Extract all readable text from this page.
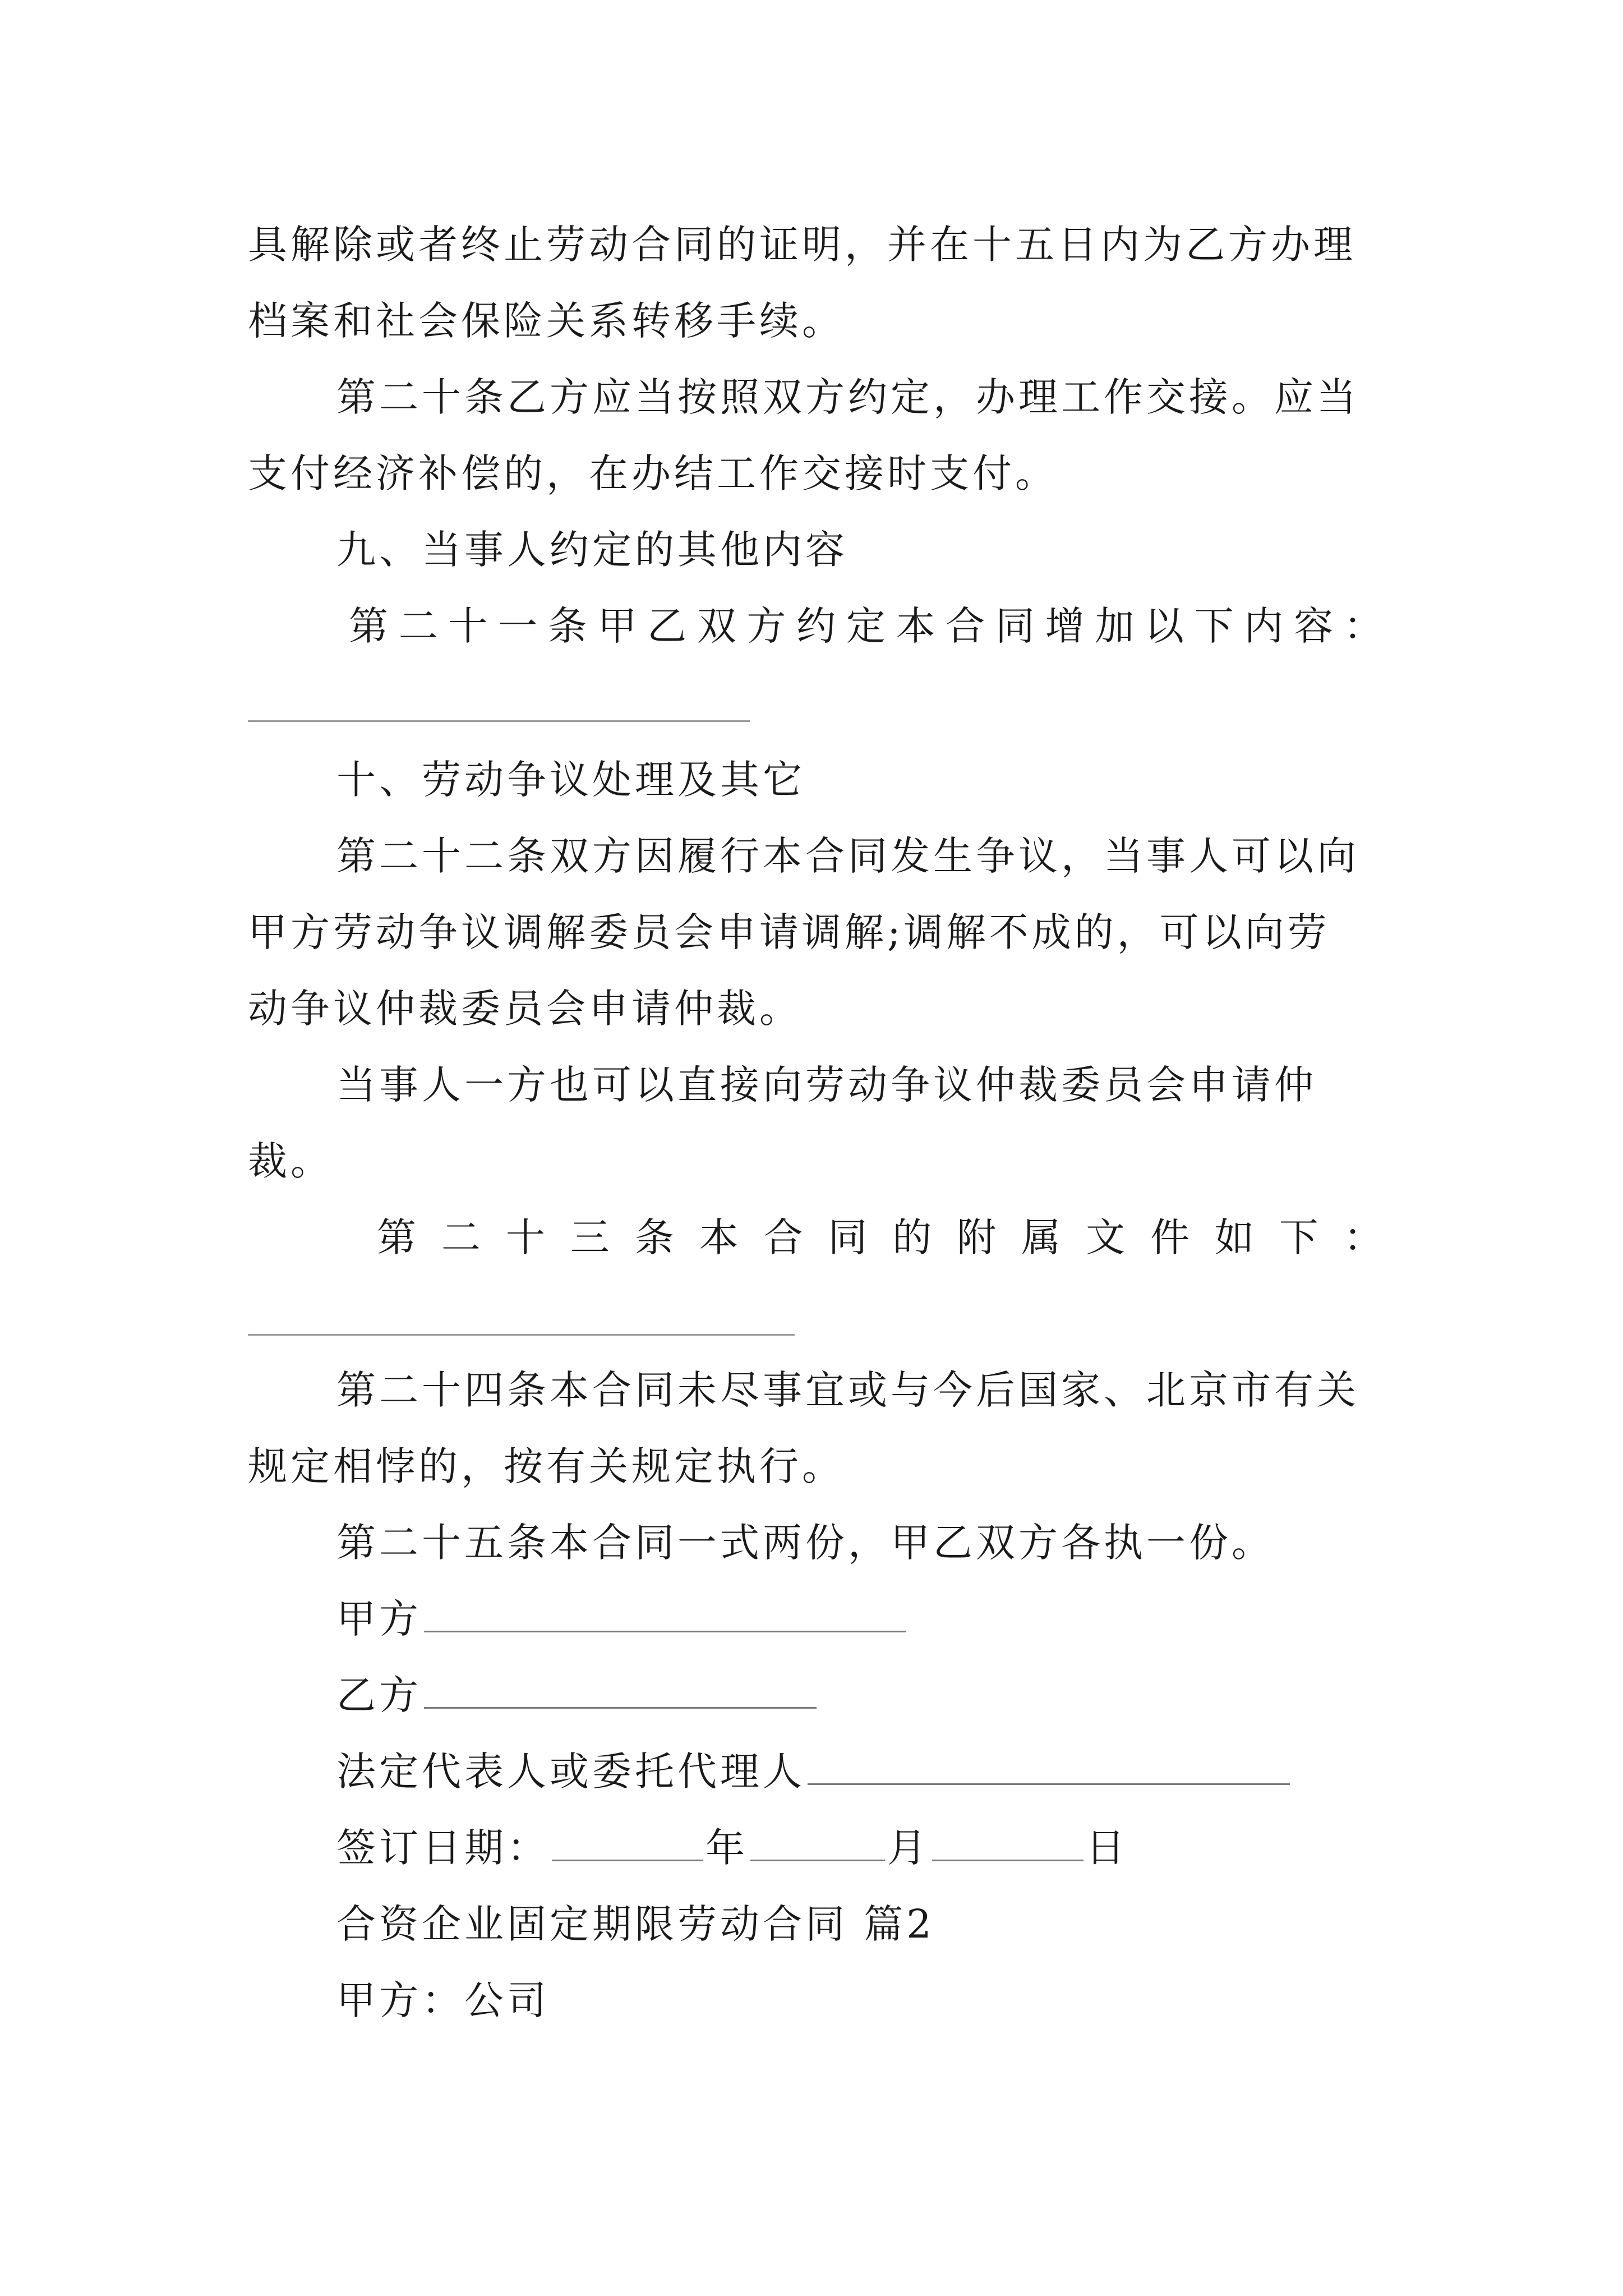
具解除或者终止劳动合同的证明，并在十五日内为乙方办理
档案和社会保险关系转移手续。
第二十条乙方应当按照双方约定，办理工作交接。应当
支付经济补偿的，在办结工作交接时支付。
九、当事人约定的其他内容
第 二 十 一 条 甲 乙 双 方 约 定 本 合 同 增 加 以 下 内 容 ：
十、劳动争议处理及其它
第二十二条双方因履行本合同发生争议，当事人可以向
甲方劳动争议调解委员会申请调解;调解不成的，可以向劳
动争议仲裁委员会申请仲裁。
当事人一方也可以直接向劳动争议仲裁委员会申请仲
裁。
第 二 十 三 条 本 合 同 的 附 属 文 件 如 下 ：
第二十四条本合同未尽事宜或与今后国家、北京市有关
规定相悖的，按有关规定执行。
第二十五条本合同一式两份，甲乙双方各执一份。
甲方
乙方
法定代表人或委托代理人
签订日期：	年	月	日
合资企业固定期限劳动合同 篇2
甲方：公司
